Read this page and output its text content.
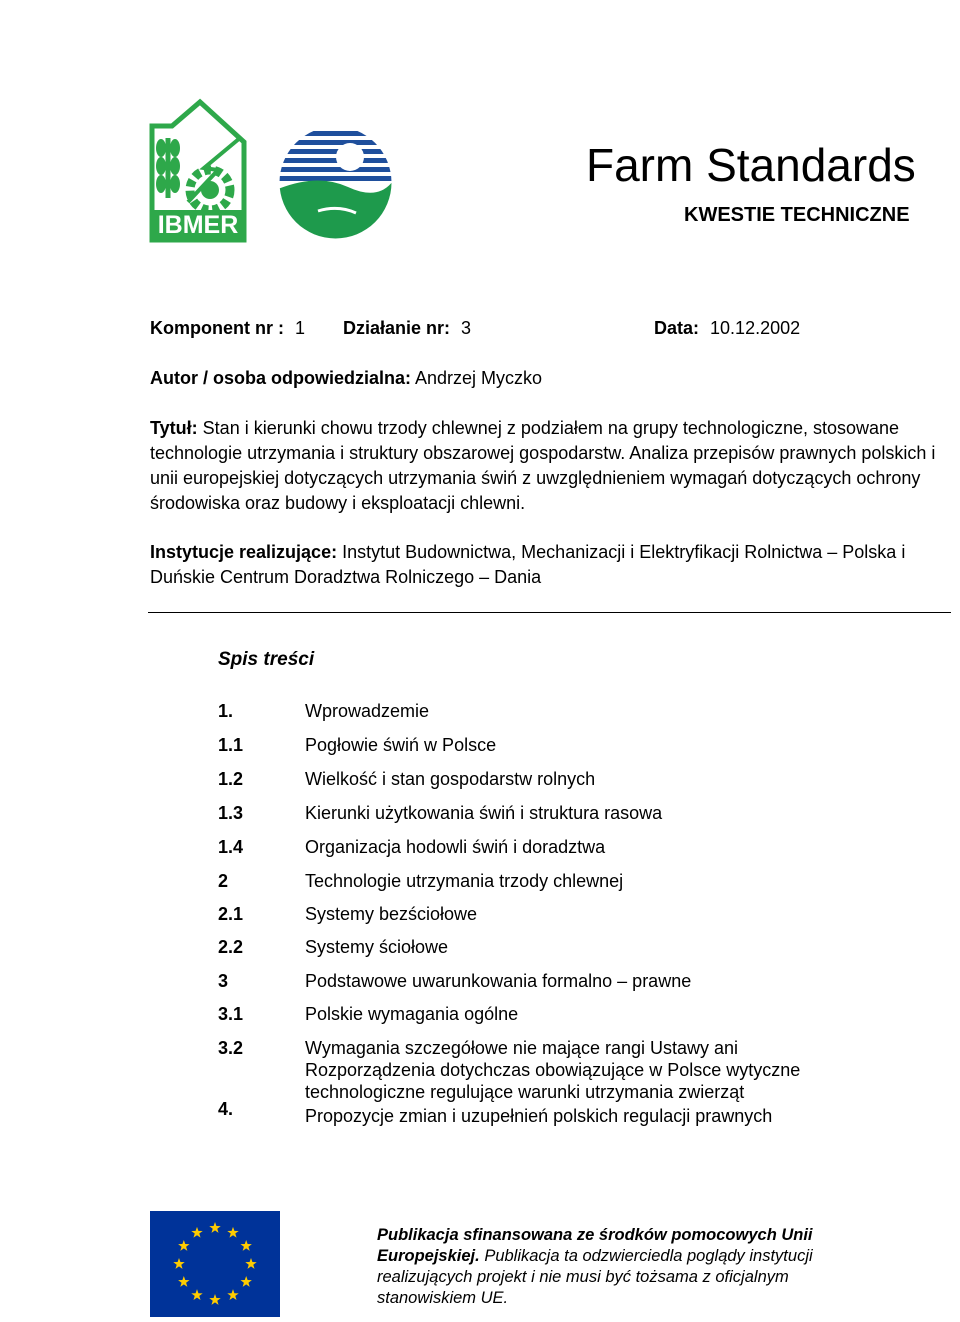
IBMER
Farm Standards
KWESTIE TECHNICZNE
Komponent nr : 1 Działanie nr: 3	Data: 10.12.2002
Autor / osoba odpowiedzialna: Andrzej Myczko
Tytuł: Stan i kierunki chowu trzody chlewnej z podziałem na grupy technologiczne, stosowane technologie utrzymania i struktury obszarowej gospodarstw. Analiza przepisów prawnych polskich i unii europejskiej dotyczących utrzymania świń z uwzględnieniem wymagań dotyczących ochrony środowiska oraz budowy i eksploatacji chlewni.
Instytucje realizujące: Instytut Budownictwa, Mechanizacji i Elektryfikacji Rolnictwa – Polska i Duńskie Centrum Doradztwa Rolniczego – Dania
Spis treści
1.	Wprowadzemie
1.1	Pogłowie świń w Polsce
1.2	Wielkość i stan gospodarstw rolnych
1.3	Kierunki użytkowania świń i struktura rasowa
1.4	Organizacja hodowli świń i doradztwa
2	Technologie utrzymania trzody chlewnej
2.1	Systemy bezściołowe
2.2	Systemy ściołowe
3	Podstawowe uwarunkowania formalno – prawne
3.1	Polskie wymagania ogólne
3.2	Wymagania szczegółowe nie mające rangi Ustawy ani Rozporządzenia dotychczas obowiązujące w Polsce wytyczne technologiczne regulujące warunki utrzymania zwierząt
4.	Propozycje zmian i uzupełnień polskich regulacji prawnych
Publikacja sfinansowana ze środków pomocowych Unii Europejskiej. Publikacja ta odzwierciedla poglądy instytucji realizujących projekt i nie musi być tożsama z oficjalnym stanowiskiem UE.
